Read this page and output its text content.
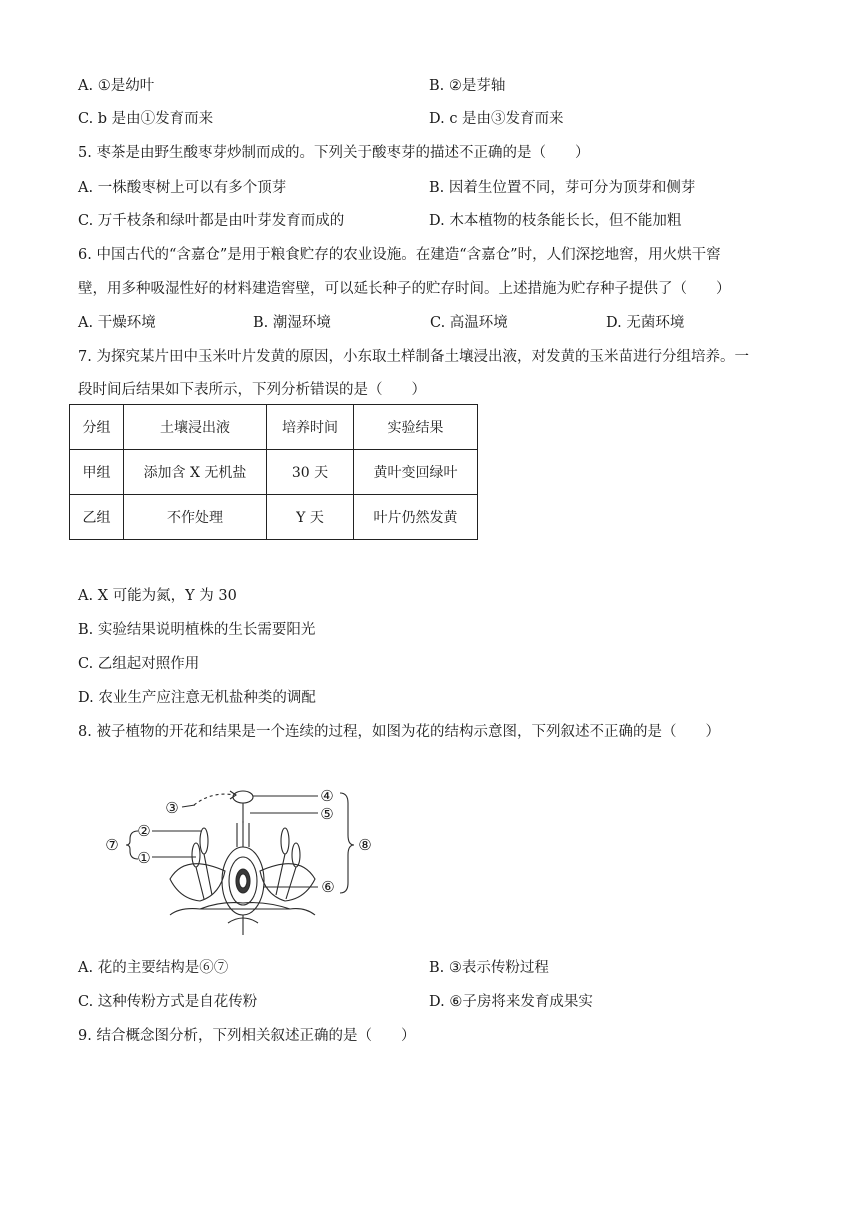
A. ①是幼叶	B. ②是芽轴
C. b 是由①发育而来	D. c 是由③发育而来
5. 枣茶是由野生酸枣芽炒制而成的。下列关于酸枣芽的描述不正确的是（　　）
A. 一株酸枣树上可以有多个顶芽	B. 因着生位置不同，芽可分为顶芽和侧芽
C. 万千枝条和绿叶都是由叶芽发育而成的	D. 木本植物的枝条能长长，但不能加粗
6. 中国古代的“含嘉仓”是用于粮食贮存的农业设施。在建造“含嘉仓”时，人们深挖地窖，用火烘干窖
壁，用多种吸湿性好的材料建造窖壁，可以延长种子的贮存时间。上述措施为贮存种子提供了（　　）
A. 干燥环境	B. 潮湿环境	C. 高温环境	D. 无菌环境
7. 为探究某片田中玉米叶片发黄的原因，小东取土样制备土壤浸出液，对发黄的玉米苗进行分组培养。一
段时间后结果如下表所示，下列分析错误的是（　　）
分组	土壤浸出液	培养时间	实验结果
甲组	添加含 X 无机盐	30 天	黄叶变回绿叶
乙组	不作处理	Y 天	叶片仍然发黄
A. X 可能为氮，Y 为 30
B. 实验结果说明植株的生长需要阳光
C. 乙组起对照作用
D. 农业生产应注意无机盐种类的调配
8. 被子植物的开花和结果是一个连续的过程，如图为花的结构示意图，下列叙述不正确的是（　　）
③
②
①
⑦
④
⑤
⑧
⑥
A. 花的主要结构是⑥⑦	B. ③表示传粉过程
C. 这种传粉方式是自花传粉	D. ⑥子房将来发育成果实
9. 结合概念图分析，下列相关叙述正确的是（　　）
